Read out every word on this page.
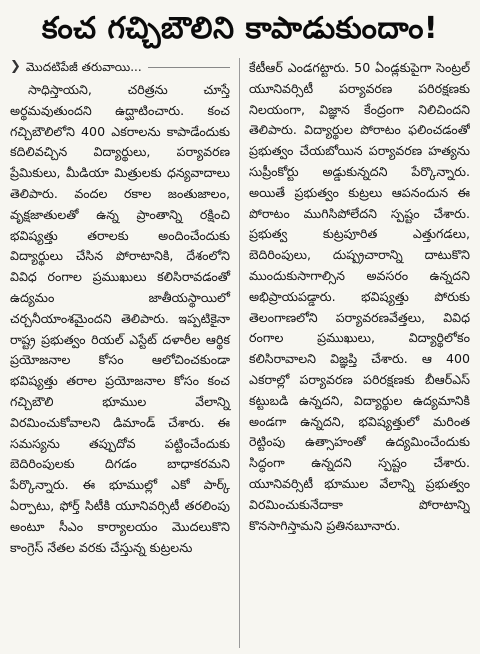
కంచ గచ్చిబౌలిని కాపాడుకుందాం!
❯ మొదటిపేజీ తరువాయి...

సాధిస్తాయని, చరిత్రను చూస్తే అర్థమవుతుందని ఉద్ఘాటించారు. కంచ గచ్చిబౌలిలోని 400 ఎకరాలను కాపాడేందుకు కదిలివచ్చిన విద్యార్థులు, పర్యావరణ ప్రేమికులు, మీడియా మిత్రులకు ధన్యవాదాలు తెలిపారు. వందల రకాల జంతుజాలం, వృక్షజాతులతో ఉన్న ప్రాంతాన్ని రక్షించి భవిష్యత్తు తరాలకు అందించేందుకు విద్యార్థులు చేసిన పోరాటానికి, దేశంలోని వివిధ రంగాల ప్రముఖులు కలిసిరావడంతో ఉద్యమం జాతీయస్థాయిలో చర్చనీయాంశమైందని తెలిపారు. ఇప్పటికైనా రాష్ట్ర ప్రభుత్వం రియల్ ఎస్టేట్ దళారీల ఆర్థిక ప్రయోజనాల కోసం ఆలోచించకుండా భవిష్యత్తు తరాల ప్రయోజనాల కోసం కంచ గచ్చిబౌలి భూముల వేలాన్ని విరమించుకోవాలని డిమాండ్ చేశారు. ఈ సమస్యను తప్పుదోవ పట్టించేందుకు బెదిరింపులకు దిగడం బాధాకరమని పేర్కొన్నారు. ఈ భూముల్లో ఎకో పార్క్ ఏర్పాటు, ఫోర్త్ సిటీకి యూనివర్సిటీ తరలింపు అంటూ సీఎం కార్యాలయం మొదలుకొని కాంగ్రెస్ నేతల వరకు చేస్తున్న కుట్రలను

కేటీఆర్ ఎండగట్టారు. 50 ఏండ్లకుపైగా సెంట్రల్ యూనివర్సిటీ పర్యావరణ పరిరక్షణకు నిలయంగా, విజ్ఞాన కేంద్రంగా నిలిచిందని తెలిపారు. విద్యార్థుల పోరాటం ఫలించడంతో ప్రభుత్వం చేయబోయిన పర్యావరణ హత్యను సుప్రీంకోర్టు అడ్డుకున్నదని పేర్కొన్నారు. అయితే ప్రభుత్వం కుట్రలు ఆపనందున ఈ పోరాటం ముగిసిపోలేదని స్పష్టం చేశారు. ప్రభుత్వ కుట్రపూరిత ఎత్తుగడలు, బెదిరింపులు, దుష్ప్రచారాన్ని దాటుకొని ముందుకుసాగాల్సిన అవసరం ఉన్నదని అభిప్రాయపడ్డారు. భవిష్యత్తు పోరుకు తెలంగాణలోని పర్యావరణవేత్తలు, వివిధ రంగాల ప్రముఖులు, విద్యార్థిలోకం కలిసిరావాలని విజ్ఞప్తి చేశారు. ఆ 400 ఎకరాల్లో పర్యావరణ పరిరక్షణకు బీఆర్ఎస్ కట్టుబడి ఉన్నదని, విద్యార్థుల ఉద్యమానికి అండగా ఉన్నదని, భవిష్యత్తులో మరింత రెట్టింపు ఉత్సాహంతో ఉద్యమించేందుకు సిద్ధంగా ఉన్నదని స్పష్టం చేశారు. యూనివర్సిటీ భూముల వేలాన్ని ప్రభుత్వం విరమించుకునేదాకా పోరాటాన్ని కొనసాగిస్తామని ప్రతినబూనారు.
